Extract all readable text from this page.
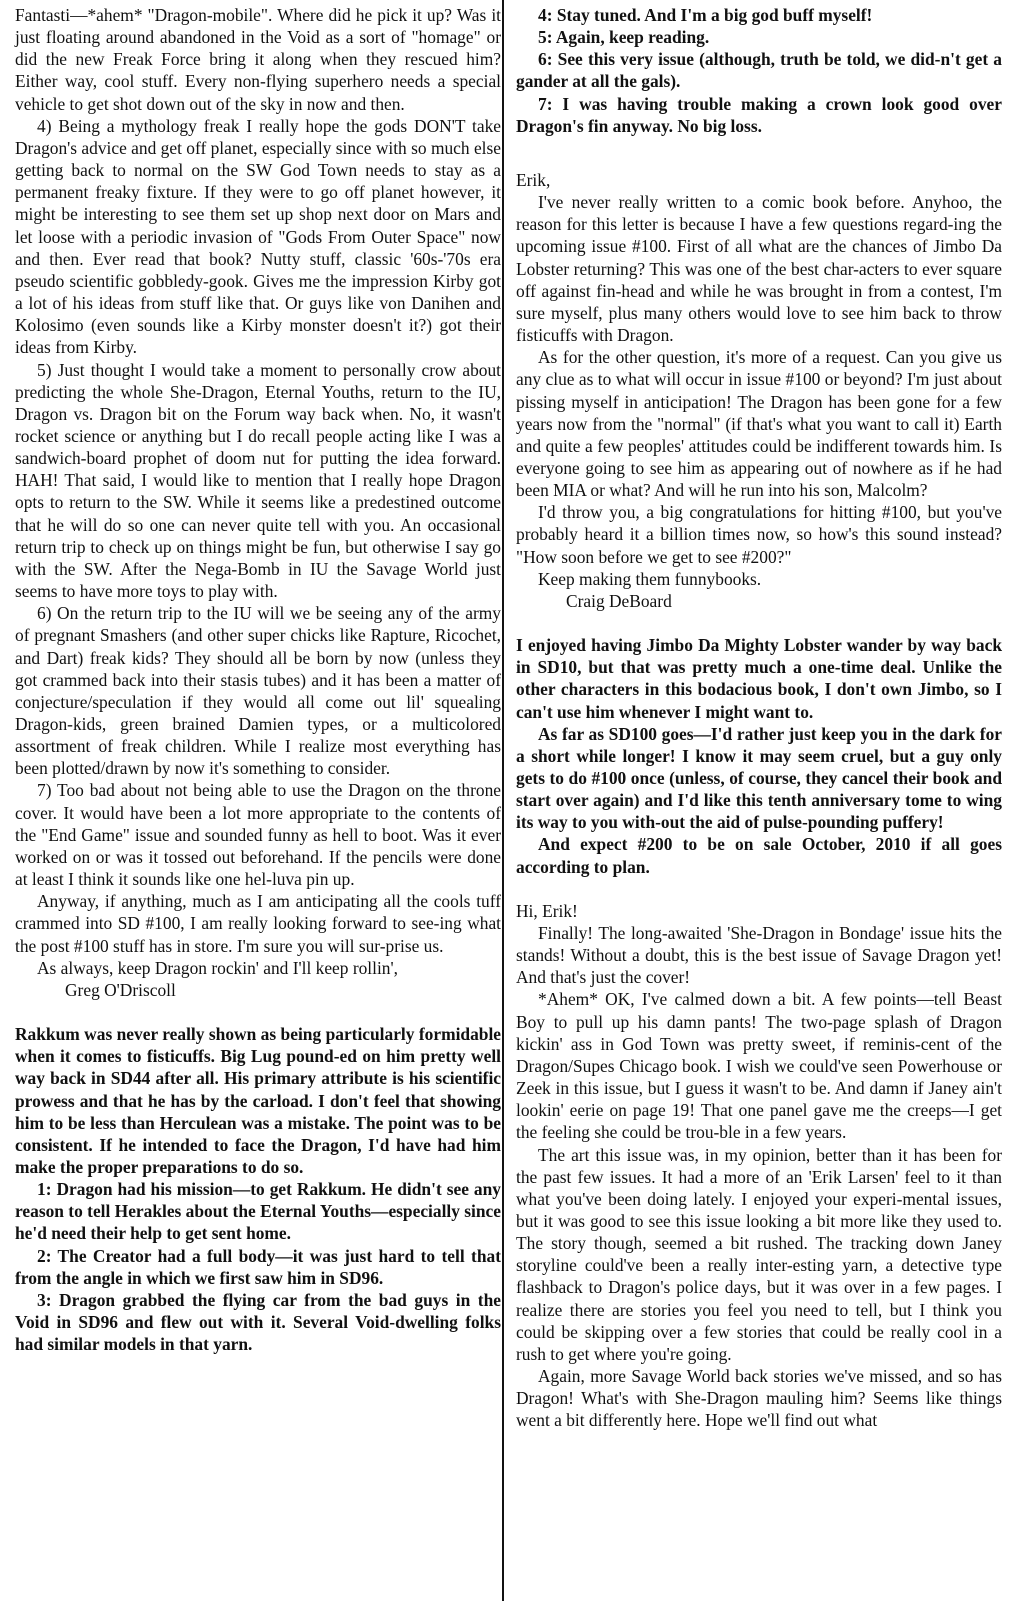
Fantasti—*ahem* "Dragon-mobile". Where did he pick it up? Was it just floating around abandoned in the Void as a sort of "homage" or did the new Freak Force bring it along when they rescued him? Either way, cool stuff. Every non-flying superhero needs a special vehicle to get shot down out of the sky in now and then.

4) Being a mythology freak I really hope the gods DON'T take Dragon's advice and get off planet, especially since with so much else getting back to normal on the SW God Town needs to stay as a permanent freaky fixture. If they were to go off planet however, it might be interesting to see them set up shop next door on Mars and let loose with a periodic invasion of "Gods From Outer Space" now and then. Ever read that book? Nutty stuff, classic '60s-'70s era pseudo scientific gobbledy-gook. Gives me the impression Kirby got a lot of his ideas from stuff like that. Or guys like von Danihen and Kolosimo (even sounds like a Kirby monster doesn't it?) got their ideas from Kirby.

5) Just thought I would take a moment to personally crow about predicting the whole She-Dragon, Eternal Youths, return to the IU, Dragon vs. Dragon bit on the Forum way back when. No, it wasn't rocket science or anything but I do recall people acting like I was a sandwich-board prophet of doom nut for putting the idea forward. HAH! That said, I would like to mention that I really hope Dragon opts to return to the SW. While it seems like a predestined outcome that he will do so one can never quite tell with you. An occasional return trip to check up on things might be fun, but otherwise I say go with the SW. After the Nega-Bomb in IU the Savage World just seems to have more toys to play with.

6) On the return trip to the IU will we be seeing any of the army of pregnant Smashers (and other super chicks like Rapture, Ricochet, and Dart) freak kids? They should all be born by now (unless they got crammed back into their stasis tubes) and it has been a matter of conjecture/speculation if they would all come out lil' squealing Dragon-kids, green brained Damien types, or a multicolored assortment of freak children. While I realize most everything has been plotted/drawn by now it's something to consider.

7) Too bad about not being able to use the Dragon on the throne cover. It would have been a lot more appropriate to the contents of the "End Game" issue and sounded funny as hell to boot. Was it ever worked on or was it tossed out beforehand. If the pencils were done at least I think it sounds like one hel-luva pin up.

Anyway, if anything, much as I am anticipating all the cools tuff crammed into SD #100, I am really looking forward to see-ing what the post #100 stuff has in store. I'm sure you will sur-prise us.

As always, keep Dragon rockin' and I'll keep rollin',

Greg O'Driscoll

Rakkum was never really shown as being particularly formidable when it comes to fisticuffs. Big Lug pound-ed on him pretty well way back in SD44 after all. His primary attribute is his scientific prowess and that he has by the carload. I don't feel that showing him to be less than Herculean was a mistake. The point was to be consistent. If he intended to face the Dragon, I'd have had him make the proper preparations to do so.

1: Dragon had his mission—to get Rakkum. He didn't see any reason to tell Herakles about the Eternal Youths—especially since he'd need their help to get sent home.

2: The Creator had a full body—it was just hard to tell that from the angle in which we first saw him in SD96.

3: Dragon grabbed the flying car from the bad guys in the Void in SD96 and flew out with it. Several Void-dwelling folks had similar models in that yarn.

4: Stay tuned. And I'm a big god buff myself!

5: Again, keep reading.

6: See this very issue (although, truth be told, we did-n't get a gander at all the gals).

7: I was having trouble making a crown look good over Dragon's fin anyway. No big loss.

Erik,

I've never really written to a comic book before. Anyhoo, the reason for this letter is because I have a few questions regard-ing the upcoming issue #100. First of all what are the chances of Jimbo Da Lobster returning? This was one of the best char-acters to ever square off against fin-head and while he was brought in from a contest, I'm sure myself, plus many others would love to see him back to throw fisticuffs with Dragon.

As for the other question, it's more of a request. Can you give us any clue as to what will occur in issue #100 or beyond? I'm just about pissing myself in anticipation! The Dragon has been gone for a few years now from the "normal" (if that's what you want to call it) Earth and quite a few peoples' attitudes could be indifferent towards him. Is everyone going to see him as appearing out of nowhere as if he had been MIA or what? And will he run into his son, Malcolm?

I'd throw you, a big congratulations for hitting #100, but you've probably heard it a billion times now, so how's this sound instead? "How soon before we get to see #200?"

Keep making them funnybooks.

Craig DeBoard

I enjoyed having Jimbo Da Mighty Lobster wander by way back in SD10, but that was pretty much a one-time deal. Unlike the other characters in this bodacious book, I don't own Jimbo, so I can't use him whenever I might want to.

As far as SD100 goes—I'd rather just keep you in the dark for a short while longer! I know it may seem cruel, but a guy only gets to do #100 once (unless, of course, they cancel their book and start over again) and I'd like this tenth anniversary tome to wing its way to you with-out the aid of pulse-pounding puffery!

And expect #200 to be on sale October, 2010 if all goes according to plan.

Hi, Erik!

Finally! The long-awaited 'She-Dragon in Bondage' issue hits the stands! Without a doubt, this is the best issue of Savage Dragon yet! And that's just the cover!

*Ahem* OK, I've calmed down a bit. A few points—tell Beast Boy to pull up his damn pants! The two-page splash of Dragon kickin' ass in God Town was pretty sweet, if reminis-cent of the Dragon/Supes Chicago book. I wish we could've seen Powerhouse or Zeek in this issue, but I guess it wasn't to be. And damn if Janey ain't lookin' eerie on page 19! That one panel gave me the creeps—I get the feeling she could be trou-ble in a few years.

The art this issue was, in my opinion, better than it has been for the past few issues. It had a more of an 'Erik Larsen' feel to it than what you've been doing lately. I enjoyed your experi-mental issues, but it was good to see this issue looking a bit more like they used to. The story though, seemed a bit rushed. The tracking down Janey storyline could've been a really inter-esting yarn, a detective type flashback to Dragon's police days, but it was over in a few pages. I realize there are stories you feel you need to tell, but I think you could be skipping over a few stories that could be really cool in a rush to get where you're going.

Again, more Savage World back stories we've missed, and so has Dragon! What's with She-Dragon mauling him? Seems like things went a bit differently here. Hope we'll find out what
